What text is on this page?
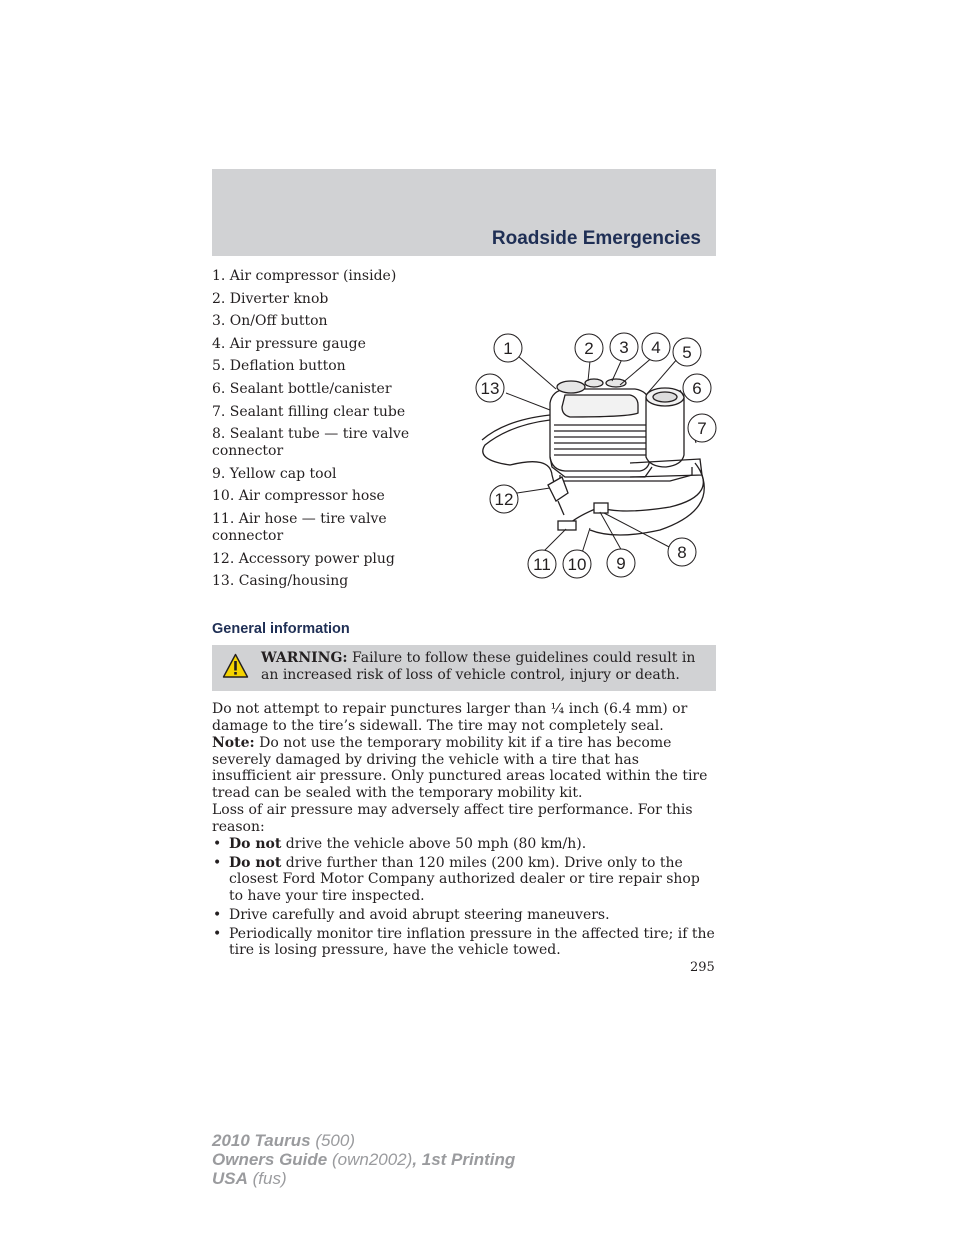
Roadside Emergencies
1. Air compressor (inside)
2. Diverter knob
3. On/Off button
4. Air pressure gauge
5. Deflation button
6. Sealant bottle/canister
7. Sealant filling clear tube
8. Sealant tube — tire valve connector
9. Yellow cap tool
10. Air compressor hose
11. Air hose — tire valve connector
12. Accessory power plug
13. Casing/housing
1	2 3 4 5
6
7
8
9
10
11
12
13
General information
WARNING: Failure to follow these guidelines could result in an increased risk of loss of vehicle control, injury or death.

Do not attempt to repair punctures larger than ¼ inch (6.4 mm) or damage to the tire’s sidewall. The tire may not completely seal.

Note: Do not use the temporary mobility kit if a tire has become severely damaged by driving the vehicle with a tire that has insufficient air pressure. Only punctured areas located within the tire tread can be sealed with the temporary mobility kit.

Loss of air pressure may adversely affect tire performance. For this reason:

• Do not drive the vehicle above 50 mph (80 km/h).
• Do not drive further than 120 miles (200 km). Drive only to the closest Ford Motor Company authorized dealer or tire repair shop to have your tire inspected.
• Drive carefully and avoid abrupt steering maneuvers.
• Periodically monitor tire inflation pressure in the affected tire; if the tire is losing pressure, have the vehicle towed.
295
2010 Taurus (500)
Owners Guide (own2002), 1st Printing
USA (fus)
